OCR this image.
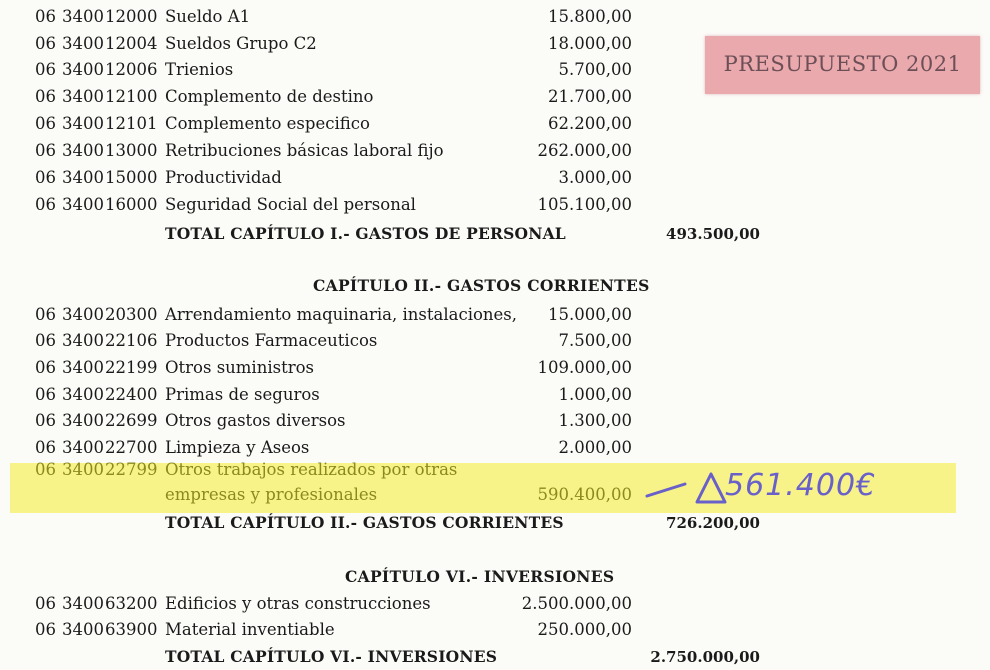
PRESUPUESTO 2021
06 3400 12000 Sueldo A1	15.800,00
06 3400 12004 Sueldos Grupo C2	18.000,00
06 3400 12006 Trienios	5.700,00
06 3400 12100 Complemento de destino	21.700,00
06 3400 12101 Complemento especifico	62.200,00
06 3400 13000 Retribuciones básicas laboral fijo	262.000,00
06 3400 15000 Productividad	3.000,00
06 3400 16000 Seguridad Social del personal	105.100,00
TOTAL CAPÍTULO I.- GASTOS DE PERSONAL	493.500,00
CAPÍTULO II.- GASTOS CORRIENTES
06 3400 20300 Arrendamiento maquinaria, instalaciones, 15.000,00
06 3400 22106 Productos Farmaceuticos	7.500,00
06 3400 22199 Otros suministros	109.000,00
06 3400 22400 Primas de seguros	1.000,00
06 3400 22699 Otros gastos diversos	1.300,00
06 3400 22700 Limpieza y Aseos	2.000,00
06 3400 22799 Otros trabajos realizados por otras
empresas y profesionales	590.400,00	561.400€
TOTAL CAPÍTULO II.- GASTOS CORRIENTES	726.200,00
CAPÍTULO VI.- INVERSIONES
06 3400 63200 Edificios y otras construcciones	2.500.000,00
06 3400 63900 Material inventiable	250.000,00
TOTAL CAPÍTULO VI.- INVERSIONES	2.750.000,00
